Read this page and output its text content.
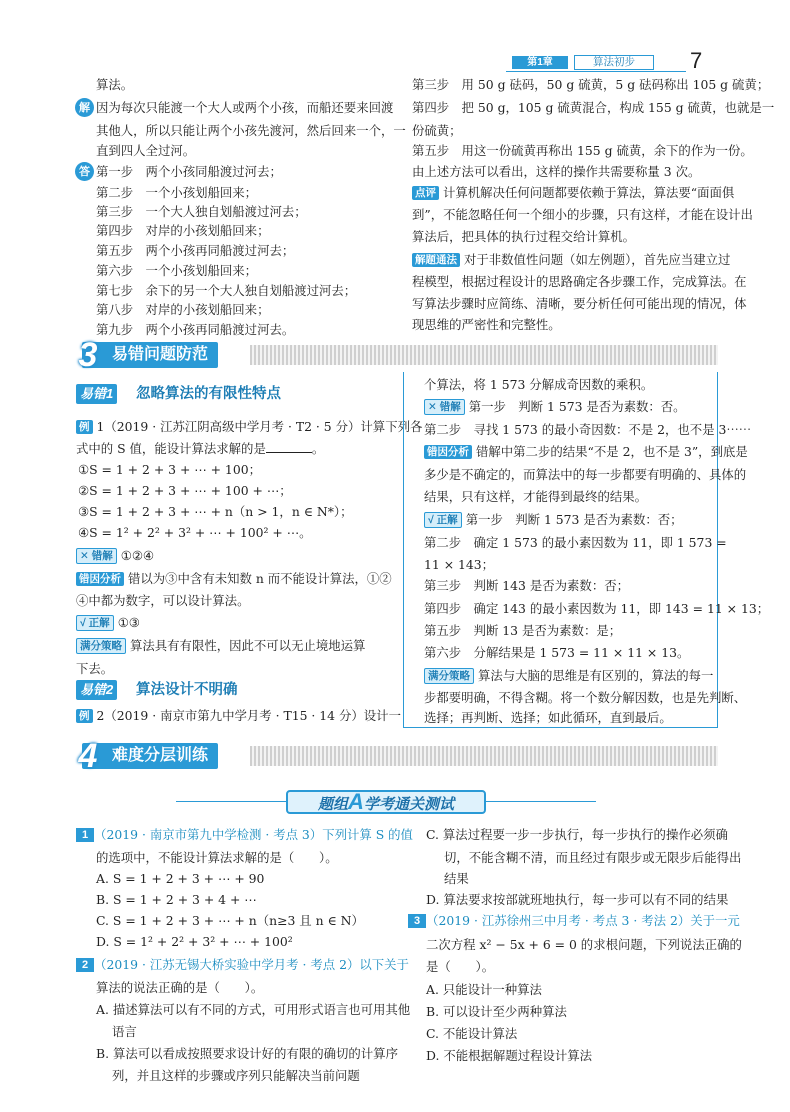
第1章	算法初步	7
算法。
解 因为每次只能渡一个大人或两个小孩，而船还要来回渡
其他人，所以只能让两个小孩先渡河，然后回来一个，一
直到四人全过河。
答 第一步　两个小孩同船渡过河去；
第二步　一个小孩划船回来；
第三步　一个大人独自划船渡过河去；
第四步　对岸的小孩划船回来；
第五步　两个小孩再同船渡过河去；
第六步　一个小孩划船回来；
第七步　余下的另一个大人独自划船渡过河去；
第八步　对岸的小孩划船回来；
第九步　两个小孩再同船渡过河去。
第三步　用 50 g 砝码，50 g 硫黄，5 g 砝码称出 105 g 硫黄；
第四步　把 50 g，105 g 硫黄混合，构成 155 g 硫黄，也就是一
份硫黄；
第五步　用这一份硫黄再称出 155 g 硫黄，余下的作为一份。
由上述方法可以看出，这样的操作共需要称量 3 次。
点评 计算机解决任何问题都要依赖于算法，算法要“面面俱
到”，不能忽略任何一个细小的步骤，只有这样，才能在设计出
算法后，把具体的执行过程交给计算机。
解题通法 对于非数值性问题（如左例题），首先应当建立过
程模型，根据过程设计的思路确定各步骤工作，完成算法。在
写算法步骤时应简练、清晰，要分析任何可能出现的情况，体
现思维的严密性和完整性。
易错问题防范
3
易错1 忽略算法的有限性特点
例 1（2019 · 江苏江阴高级中学月考 · T2 · 5 分）计算下列各
式中的 S 值，能设计算法求解的是	。
①S = 1 + 2 + 3 + ⋯ + 100；
②S = 1 + 2 + 3 + ⋯ + 100 + ⋯；
③S = 1 + 2 + 3 + ⋯ + n（n > 1，n ∈ N*）；
④S = 1² + 2² + 3² + ⋯ + 100² + ⋯。
✕ 错解 ①②④
错因分析 错以为③中含有未知数 n 而不能设计算法，①②
④中都为数字，可以设计算法。
√ 正解 ①③
满分策略 算法具有有限性，因此不可以无止境地运算
下去。
易错2 算法设计不明确
例 2（2019 · 南京市第九中学月考 · T15 · 14 分）设计一
个算法，将 1 573 分解成奇因数的乘积。
✕ 错解 第一步　判断 1 573 是否为素数：否。
第二步　寻找 1 573 的最小奇因数：不是 2，也不是 3⋯⋯
错因分析 错解中第二步的结果“不是 2，也不是 3”，到底是
多少是不确定的，而算法中的每一步都要有明确的、具体的
结果，只有这样，才能得到最终的结果。
√ 正解 第一步　判断 1 573 是否为素数：否；
第二步　确定 1 573 的最小素因数为 11，即 1 573 =
11 × 143；
第三步　判断 143 是否为素数：否；
第四步　确定 143 的最小素因数为 11，即 143 = 11 × 13；
第五步　判断 13 是否为素数：是；
第六步　分解结果是 1 573 = 11 × 11 × 13。
满分策略 算法与大脑的思维是有区别的，算法的每一
步都要明确，不得含糊。将一个数分解因数，也是先判断、
选择；再判断、选择；如此循环，直到最后。
难度分层训练
4
题组A学考通关测试
1 （2019 · 南京市第九中学检测 · 考点 3）下列计算 S 的值
的选项中，不能设计算法求解的是（　　）。
A. S = 1 + 2 + 3 + ⋯ + 90
B. S = 1 + 2 + 3 + 4 + ⋯
C. S = 1 + 2 + 3 + ⋯ + n（n≥3 且 n ∈ N）
D. S = 1² + 2² + 3² + ⋯ + 100²
2 （2019 · 江苏无锡大桥实验中学月考 · 考点 2）以下关于
算法的说法正确的是（　　）。
A. 描述算法可以有不同的方式，可用形式语言也可用其他
语言
B. 算法可以看成按照要求设计好的有限的确切的计算序
列，并且这样的步骤或序列只能解决当前问题
C. 算法过程要一步一步执行，每一步执行的操作必须确
切，不能含糊不清，而且经过有限步或无限步后能得出
结果
D. 算法要求按部就班地执行，每一步可以有不同的结果
3 （2019 · 江苏徐州三中月考 · 考点 3 · 考法 2）关于一元
二次方程 x² − 5x + 6 = 0 的求根问题，下列说法正确的
是（　　）。
A. 只能设计一种算法
B. 可以设计至少两种算法
C. 不能设计算法
D. 不能根据解题过程设计算法
